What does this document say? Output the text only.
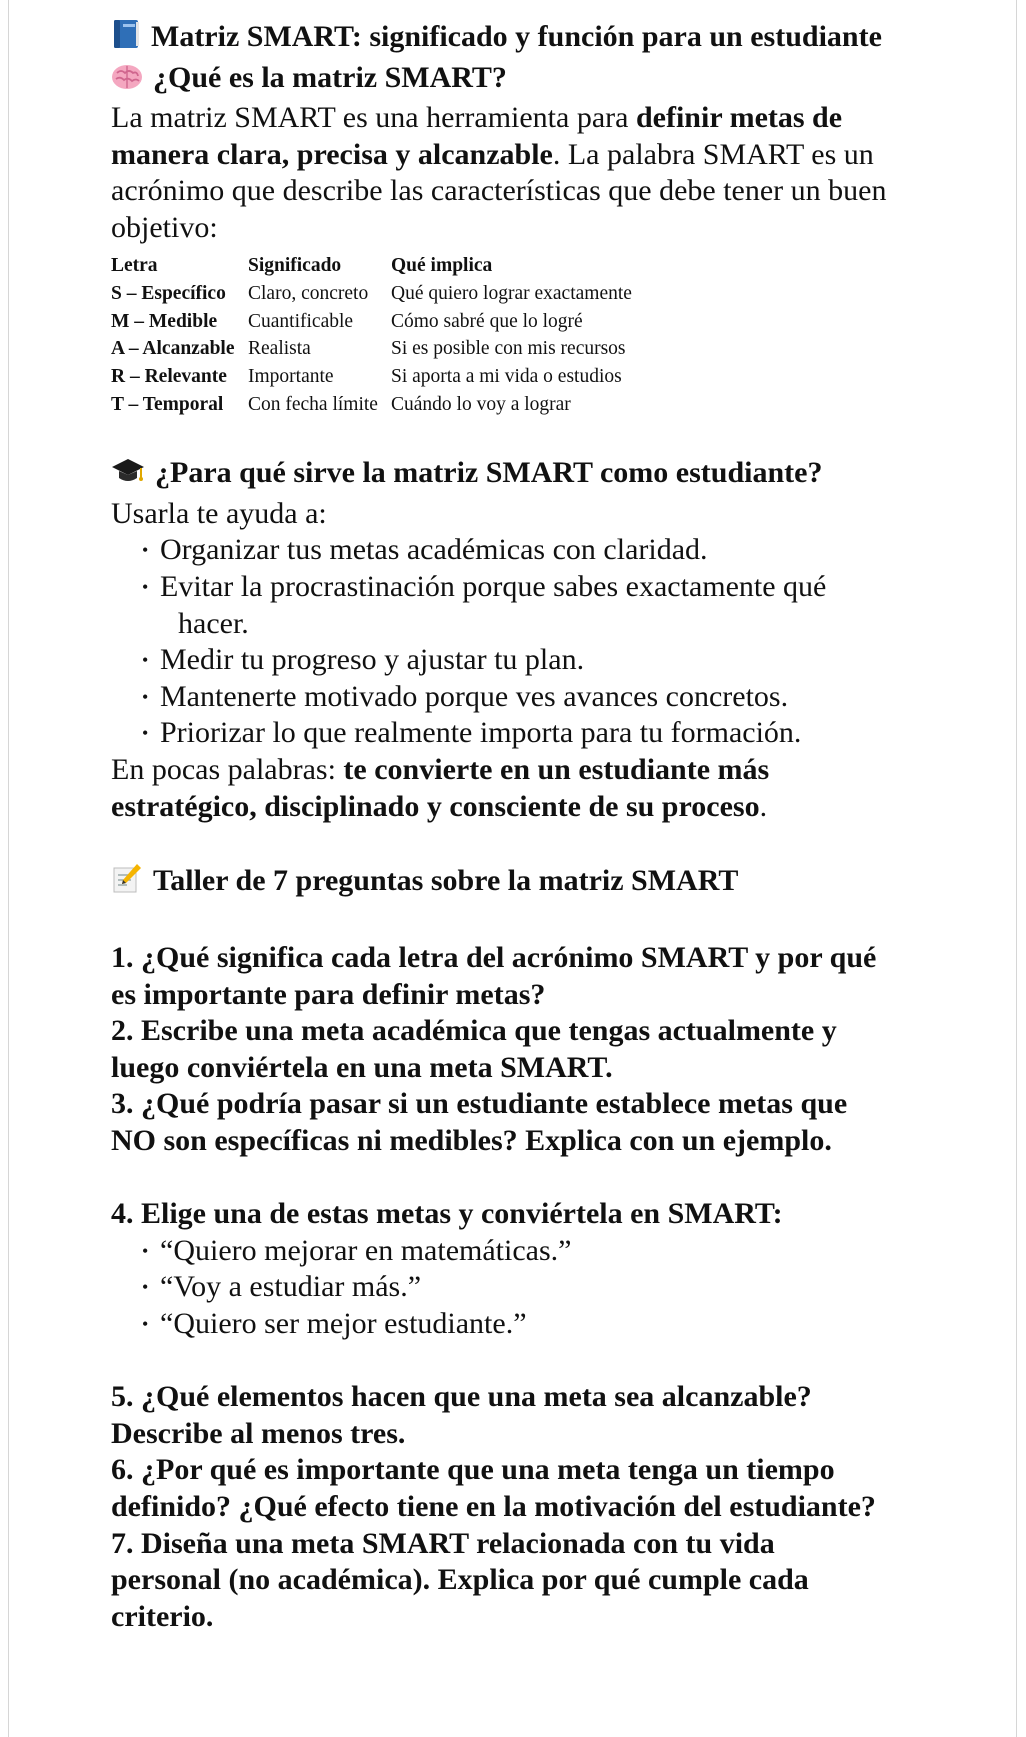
Matriz SMART: significado y función para un estudiante

¿Qué es la matriz SMART?

La matriz SMART es una herramienta para definir metas de manera clara, precisa y alcanzable. La palabra SMART es un acrónimo que describe las características que debe tener un buen objetivo:

Letra	Significado	Qué implica
S – Específico	Claro, concreto	Qué quiero lograr exactamente
M – Medible	Cuantificable	Cómo sabré que lo logré
A – Alcanzable	Realista	Si es posible con mis recursos
R – Relevante	Importante	Si aporta a mi vida o estudios
T – Temporal	Con fecha límite	Cuándo lo voy a lograr

¿Para qué sirve la matriz SMART como estudiante?

Usarla te ayuda a:

• Organizar tus metas académicas con claridad.
• Evitar la procrastinación porque sabes exactamente qué
hacer.
• Medir tu progreso y ajustar tu plan.
• Mantenerte motivado porque ves avances concretos.
• Priorizar lo que realmente importa para tu formación.

En pocas palabras: te convierte en un estudiante más estratégico, disciplinado y consciente de su proceso.

Taller de 7 preguntas sobre la matriz SMART

1. ¿Qué significa cada letra del acrónimo SMART y por qué es importante para definir metas?

2. Escribe una meta académica que tengas actualmente y luego conviértela en una meta SMART.

3. ¿Qué podría pasar si un estudiante establece metas que NO son específicas ni medibles? Explica con un ejemplo.

4. Elige una de estas metas y conviértela en SMART:

• “Quiero mejorar en matemáticas.”
• “Voy a estudiar más.”
• “Quiero ser mejor estudiante.”

5. ¿Qué elementos hacen que una meta sea alcanzable? Describe al menos tres.

6. ¿Por qué es importante que una meta tenga un tiempo definido? ¿Qué efecto tiene en la motivación del estudiante?

7. Diseña una meta SMART relacionada con tu vida personal (no académica). Explica por qué cumple cada criterio.
